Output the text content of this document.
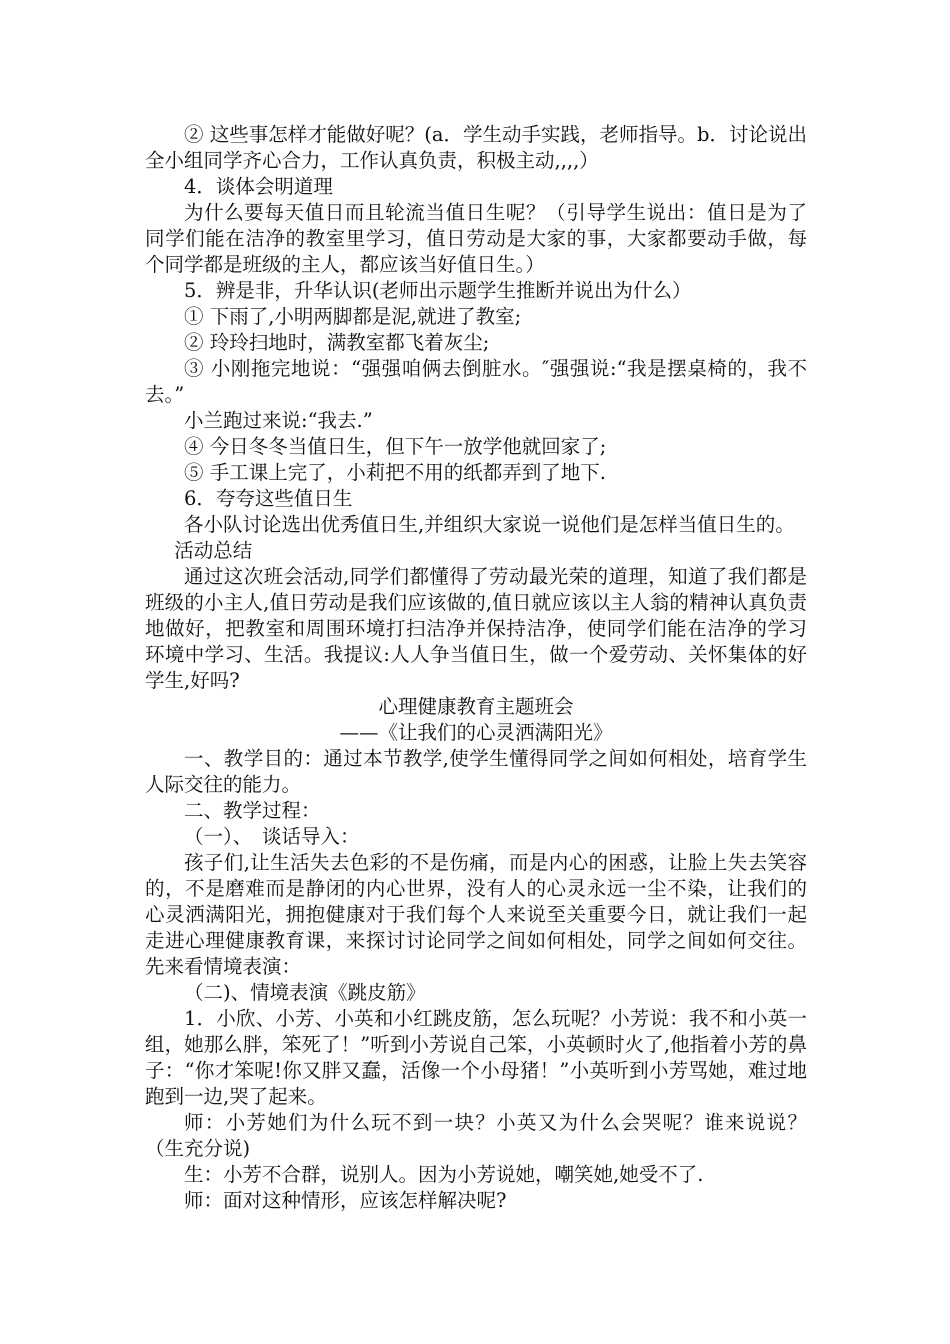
② 这些事怎样才能做好呢？(a．学生动手实践，老师指导。b．讨论说出全小组同学齐心合力，工作认真负责，积极主动,,,,）

4．谈体会明道理

为什么要每天值日而且轮流当值日生呢？（引导学生说出：值日是为了同学们能在洁净的教室里学习，值日劳动是大家的事，大家都要动手做，每个同学都是班级的主人，都应该当好值日生。）

5．辨是非，升华认识(老师出示题学生推断并说出为什么）

① 下雨了,小明两脚都是泥,就进了教室;

② 玲玲扫地时，满教室都飞着灰尘;

③ 小刚拖完地说：“强强咱俩去倒脏水。″强强说:“我是摆桌椅的，我不去。”

小兰跑过来说:“我去.”

④ 今日冬冬当值日生，但下午一放学他就回家了;

⑤ 手工课上完了，小莉把不用的纸都弄到了地下.

6．夸夸这些值日生

各小队讨论选出优秀值日生,并组织大家说一说他们是怎样当值日生的。

活动总结

通过这次班会活动,同学们都懂得了劳动最光荣的道理，知道了我们都是班级的小主人,值日劳动是我们应该做的,值日就应该以主人翁的精神认真负责地做好，把教室和周围环境打扫洁净并保持洁净，使同学们能在洁净的学习环境中学习、生活。我提议:人人争当值日生，做一个爱劳动、关怀集体的好学生,好吗?

心理健康教育主题班会

——《让我们的心灵洒满阳光》

一、教学目的：通过本节教学,使学生懂得同学之间如何相处，培育学生人际交往的能力。

二、教学过程：

（一）、　谈话导入：

孩子们,让生活失去色彩的不是伤痛，而是内心的困惑，让脸上失去笑容的，不是磨难而是静闭的内心世界，没有人的心灵永远一尘不染，让我们的心灵洒满阳光，拥抱健康对于我们每个人来说至关重要今日，就让我们一起走进心理健康教育课，来探讨讨论同学之间如何相处，同学之间如何交往。先来看情境表演：

（二)、情境表演《跳皮筋》

1．小欣、小芳、小英和小红跳皮筋，怎么玩呢？小芳说：我不和小英一组，她那么胖，笨死了！”听到小芳说自己笨，小英顿时火了,他指着小芳的鼻子：“你才笨呢!你又胖又蠢，活像一个小母猪！”小英听到小芳骂她，难过地跑到一边,哭了起来。

师：小芳她们为什么玩不到一块？小英又为什么会哭呢？谁来说说？（生充分说)

生：小芳不合群，说别人。因为小芳说她，嘲笑她,她受不了.

师：面对这种情形，应该怎样解决呢?
